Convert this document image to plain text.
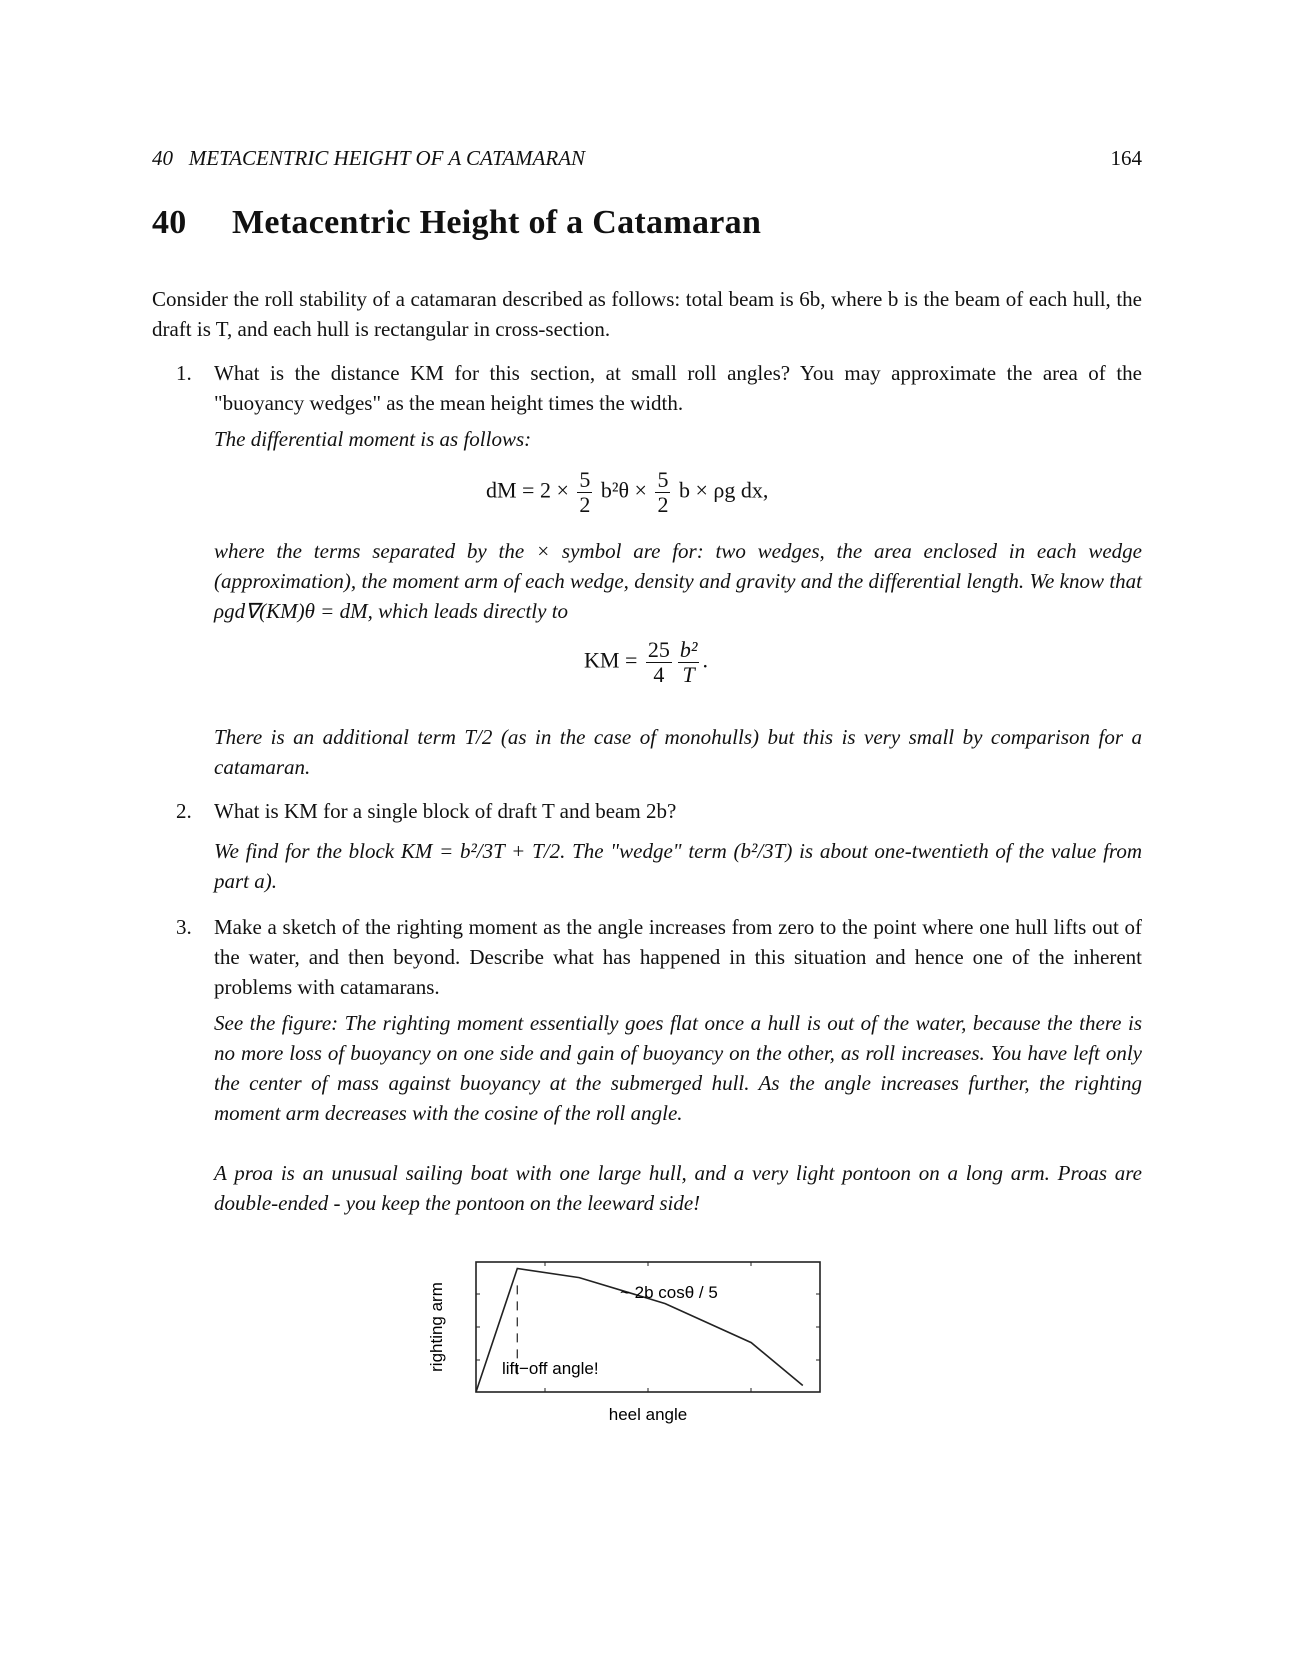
40   METACENTRIC HEIGHT OF A CATAMARAN	164
40 Metacentric Height of a Catamaran
Consider the roll stability of a catamaran described as follows: total beam is 6b, where b is the beam of each hull, the draft is T, and each hull is rectangular in cross-section.
1. What is the distance KM for this section, at small roll angles? You may approximate the area of the "buoyancy wedges" as the mean height times the width.
The differential moment is as follows:
dM = $2 \times \frac{5}{2} b^2\theta \times \frac{5}{2}$ b × ρg dx,
where the terms separated by the × symbol are for: two wedges, the area enclosed in each wedge (approximation), the moment arm of each wedge, density and gravity and the differential length. We know that ρgd∇(KM)θ = dM, which leads directly to
KM = $\frac{25}{4} \frac{\text{b²}}{T}$ .
There is an additional term T/2 (as in the case of monohulls) but this is very small by comparison for a catamaran.
2. What is KM for a single block of draft T and beam 2b?
We find for the block KM = b²/3T + T/2. The "wedge" term (b²/3T) is about one-twentieth of the value from part a).
3. Make a sketch of the righting moment as the angle increases from zero to the point where one hull lifts out of the water, and then beyond. Describe what has happened in this situation and hence one of the inherent problems with catamarans.
See the figure: The righting moment essentially goes flat once a hull is out of the water, because the there is no more loss of buoyancy on one side and gain of buoyancy on the other, as roll increases. You have left only the center of mass against buoyancy at the submerged hull. As the angle increases further, the righting moment arm decreases with the cosine of the roll angle.
A proa is an unusual sailing boat with one large hull, and a very light pontoon on a long arm. Proas are double-ended - you keep the pontoon on the leeward side!
~ 2b cosθ / 5
lift−off angle!
righting arm
heel angle
